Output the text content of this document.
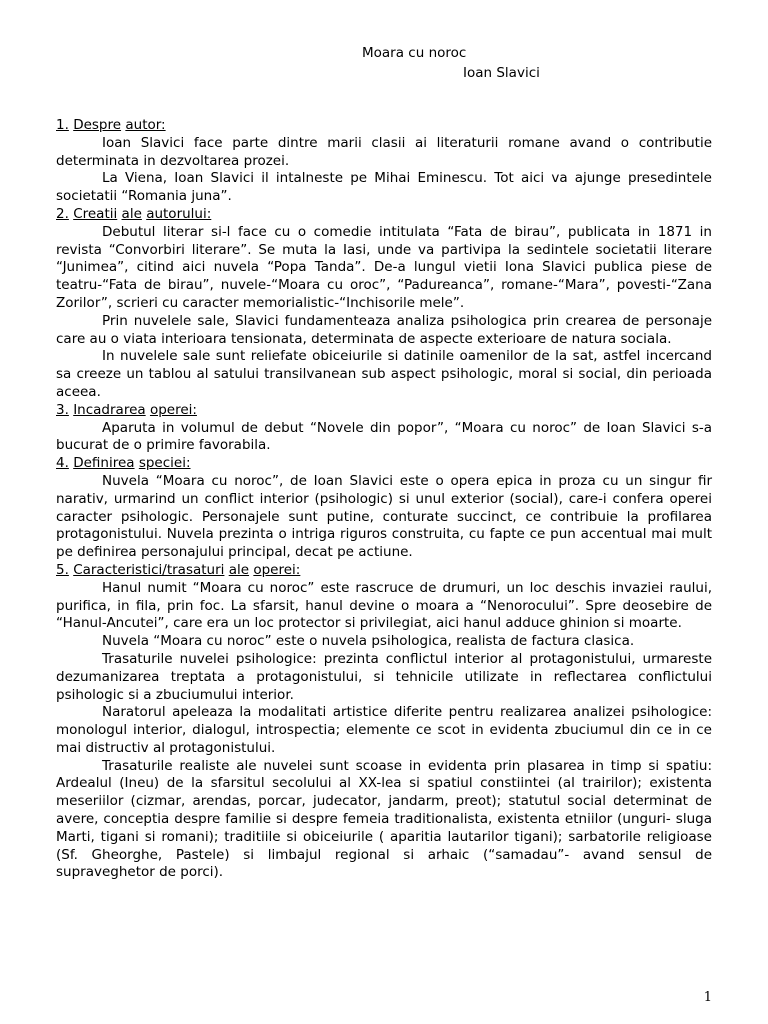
Moara cu noroc
Ioan Slavici

1. Despre autor:

Ioan Slavici face parte dintre marii clasii ai literaturii romane avand o contributie determinata in dezvoltarea prozei.

La Viena, Ioan Slavici il intalneste pe Mihai Eminescu. Tot aici va ajunge presedintele societatii “Romania juna”.

2. Creatii ale autorului:

Debutul literar si-l face cu o comedie intitulata “Fata de birau”, publicata in 1871 in revista “Convorbiri literare”. Se muta la Iasi, unde va partivipa la sedintele societatii literare “Junimea”, citind aici nuvela “Popa Tanda”. De-a lungul vietii Iona Slavici publica piese de teatru-“Fata de birau”, nuvele-“Moara cu oroc”, “Padureanca”, romane-“Mara”, povesti-“Zana Zorilor”, scrieri cu caracter memorialistic-“Inchisorile mele”.

Prin nuvelele sale, Slavici fundamenteaza analiza psihologica prin crearea de personaje care au o viata interioara tensionata, determinata de aspecte exterioare de natura sociala.

In nuvelele sale sunt reliefate obiceiurile si datinile oamenilor de la sat, astfel incercand sa creeze un tablou al satului transilvanean sub aspect psihologic, moral si social, din perioada aceea.

3. Incadrarea operei:

Aparuta in volumul de debut “Novele din popor”, “Moara cu noroc” de Ioan Slavici s-a bucurat de o primire favorabila.

4. Definirea speciei:

Nuvela “Moara cu noroc”, de Ioan Slavici este o opera epica in proza cu un singur fir narativ, urmarind un conflict interior (psihologic) si unul exterior (social), care-i confera operei caracter psihologic. Personajele sunt putine, conturate succinct, ce contribuie la profilarea protagonistului. Nuvela prezinta o intriga riguros construita, cu fapte ce pun accentual mai mult pe definirea personajului principal, decat pe actiune.

5. Caracteristici/trasaturi ale operei:

Hanul numit “Moara cu noroc” este rascruce de drumuri, un loc deschis invaziei raului, purifica, in fila, prin foc. La sfarsit, hanul devine o moara a “Nenorocului”. Spre deosebire de “Hanul-Ancutei”, care era un loc protector si privilegiat, aici hanul adduce ghinion si moarte.

Nuvela “Moara cu noroc” este o nuvela psihologica, realista de factura clasica.

Trasaturile nuvelei psihologice: prezinta conflictul interior al protagonistului, urmareste dezumanizarea treptata a protagonistului, si tehnicile utilizate in reflectarea conflictului psihologic si a zbuciumului interior.

Naratorul apeleaza la modalitati artistice diferite pentru realizarea analizei psihologice: monologul interior, dialogul, introspectia; elemente ce scot in evidenta zbuciumul din ce in ce mai distructiv al protagonistului.

Trasaturile realiste ale nuvelei sunt scoase in evidenta prin plasarea in timp si spatiu: Ardealul (Ineu) de la sfarsitul secolului al XX-lea si spatiul constiintei (al trairilor); existenta meseriilor (cizmar, arendas, porcar, judecator, jandarm, preot); statutul social determinat de avere, conceptia despre familie si despre femeia traditionalista, existenta etniilor (unguri- sluga Marti, tigani si romani); traditiile si obiceiurile ( aparitia lautarilor tigani); sarbatorile religioase (Sf. Gheorghe, Pastele) si limbajul regional si arhaic (“samadau”- avand sensul de supraveghetor de porci).

1
